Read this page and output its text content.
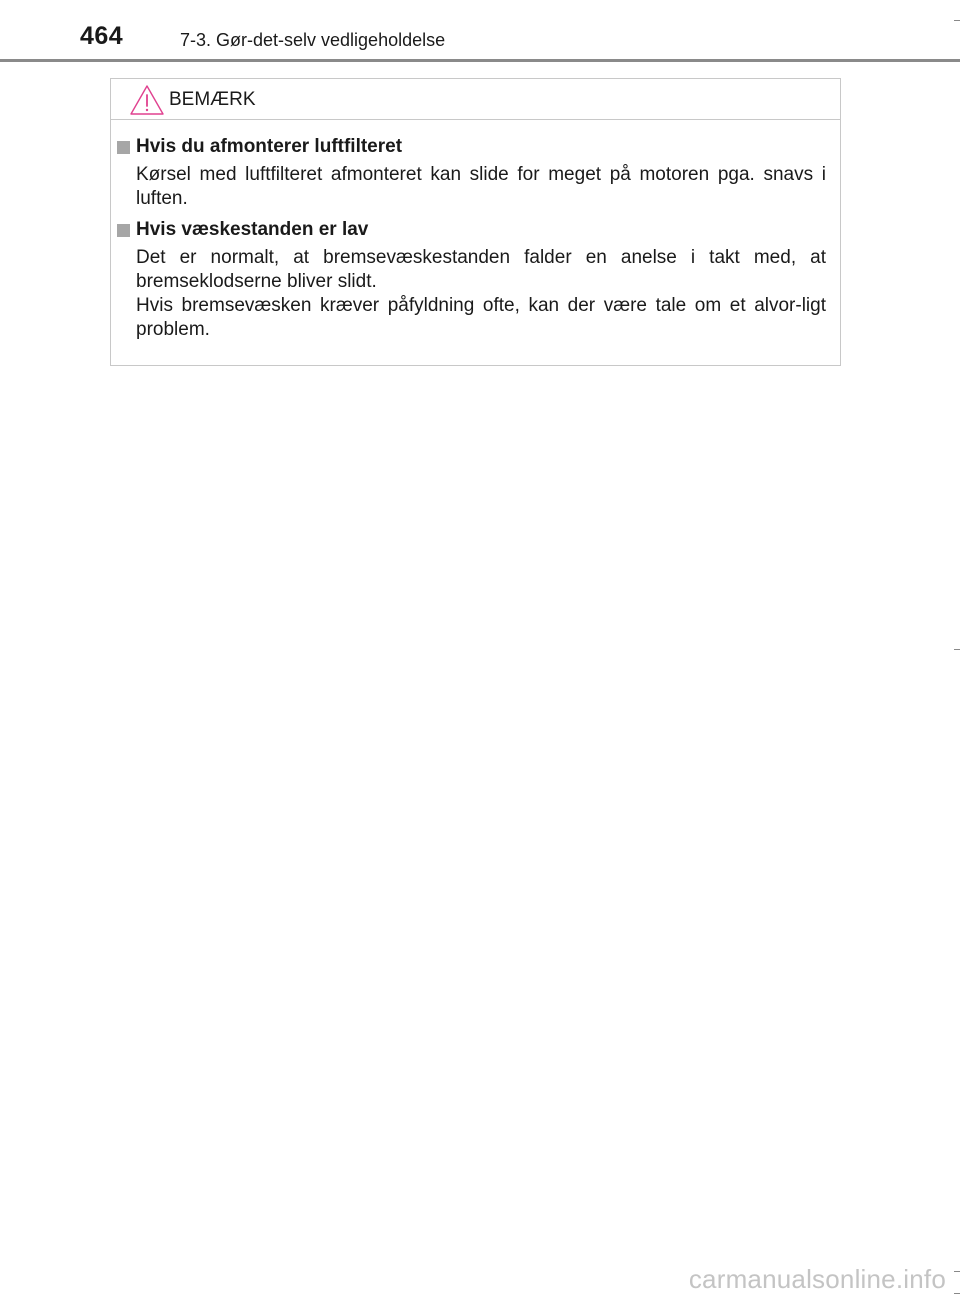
464	7-3. Gør-det-selv vedligeholdelse
BEMÆRK
Hvis du afmonterer luftfilteret
Kørsel med luftfilteret afmonteret kan slide for meget på motoren pga. snavs i luften.
Hvis væskestanden er lav
Det er normalt, at bremsevæskestanden falder en anelse i takt med, at bremseklodserne bliver slidt.
Hvis bremsevæsken kræver påfyldning ofte, kan der være tale om et alvor-ligt problem.
carmanualsonline.info
